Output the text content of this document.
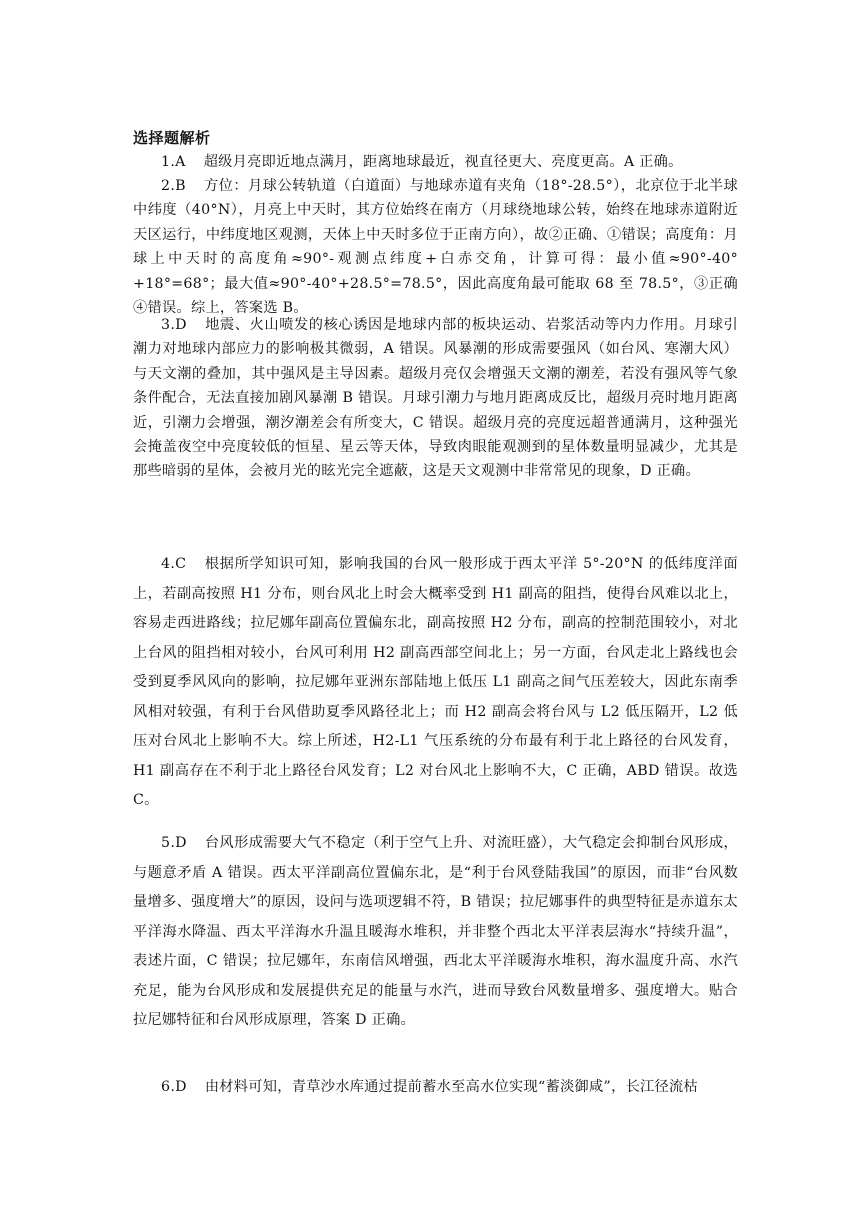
选择题解析

1.A 超级月亮即近地点满月，距离地球最近，视直径更大、亮度更高。A 正确。

2.B 方位：月球公转轨道（白道面）与地球赤道有夹角（18°-28.5°），北京位于北半球中纬度（40°N），月亮上中天时，其方位始终在南方（月球绕地球公转，始终在地球赤道附近天区运行，中纬度地区观测，天体上中天时多位于正南方向），故②正确、①错误；高度角：月球上中天时的高度角≈90°-观测点纬度+白赤交角，计算可得：最小值≈90°-40°+18°=68°；最大值≈90°-40°+28.5°=78.5°，因此高度角最可能取 68 至 78.5°，③正确④错误。综上，答案选 B。

3.D 地震、火山喷发的核心诱因是地球内部的板块运动、岩浆活动等内力作用。月球引潮力对地球内部应力的影响极其微弱，A 错误。风暴潮的形成需要强风（如台风、寒潮大风）与天文潮的叠加，其中强风是主导因素。超级月亮仅会增强天文潮的潮差，若没有强风等气象条件配合，无法直接加剧风暴潮 B 错误。月球引潮力与地月距离成反比，超级月亮时地月距离近，引潮力会增强，潮汐潮差会有所变大，C 错误。超级月亮的亮度远超普通满月，这种强光会掩盖夜空中亮度较低的恒星、星云等天体，导致肉眼能观测到的星体数量明显减少，尤其是那些暗弱的星体，会被月光的眩光完全遮蔽，这是天文观测中非常常见的现象，D 正确。

4.C 根据所学知识可知，影响我国的台风一般形成于西太平洋 5°-20°N 的低纬度洋面上，若副高按照 H1 分布，则台风北上时会大概率受到 H1 副高的阻挡，使得台风难以北上，容易走西进路线；拉尼娜年副高位置偏东北，副高按照 H2 分布，副高的控制范围较小，对北上台风的阻挡相对较小，台风可利用 H2 副高西部空间北上；另一方面，台风走北上路线也会受到夏季风风向的影响，拉尼娜年亚洲东部陆地上低压 L1 副高之间气压差较大，因此东南季风相对较强，有利于台风借助夏季风路径北上；而 H2 副高会将台风与 L2 低压隔开，L2 低压对台风北上影响不大。综上所述，H2-L1 气压系统的分布最有利于北上路径的台风发育，H1 副高存在不利于北上路径台风发育；L2 对台风北上影响不大，C 正确，ABD 错误。故选 C。

5.D 台风形成需要大气不稳定（利于空气上升、对流旺盛），大气稳定会抑制台风形成，与题意矛盾 A 错误。西太平洋副高位置偏东北，是“利于台风登陆我国”的原因，而非“台风数量增多、强度增大”的原因，设问与选项逻辑不符，B 错误；拉尼娜事件的典型特征是赤道东太平洋海水降温、西太平洋海水升温且暖海水堆积，并非整个西北太平洋表层海水“持续升温”，表述片面，C 错误；拉尼娜年，东南信风增强，西北太平洋暖海水堆积，海水温度升高、水汽充足，能为台风形成和发展提供充足的能量与水汽，进而导致台风数量增多、强度增大。贴合拉尼娜特征和台风形成原理，答案 D 正确。

6.D 由材料可知，青草沙水库通过提前蓄水至高水位实现“蓄淡御咸”，长江径流枯
